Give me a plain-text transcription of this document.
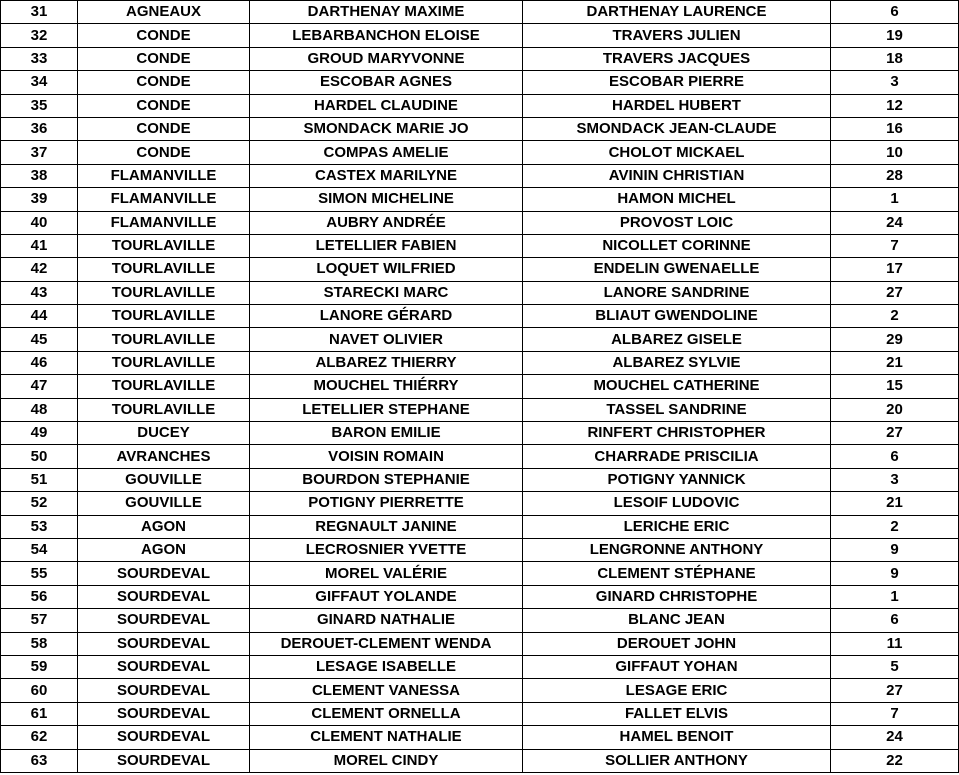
31	AGNEAUX	DARTHENAY MAXIME	DARTHENAY LAURENCE	6
32	CONDE	LEBARBANCHON ELOISE	TRAVERS JULIEN	19
33	CONDE	GROUD MARYVONNE	TRAVERS JACQUES	18
34	CONDE	ESCOBAR AGNES	ESCOBAR PIERRE	3
35	CONDE	HARDEL CLAUDINE	HARDEL HUBERT	12
36	CONDE	SMONDACK MARIE JO	SMONDACK JEAN-CLAUDE	16
37	CONDE	COMPAS AMELIE	CHOLOT MICKAEL	10
38	FLAMANVILLE	CASTEX MARILYNE	AVININ CHRISTIAN	28
39	FLAMANVILLE	SIMON MICHELINE	HAMON MICHEL	1
40	FLAMANVILLE	AUBRY ANDRÉE	PROVOST LOIC	24
41	TOURLAVILLE	LETELLIER FABIEN	NICOLLET CORINNE	7
42	TOURLAVILLE	LOQUET WILFRIED	ENDELIN GWENAELLE	17
43	TOURLAVILLE	STARECKI MARC	LANORE SANDRINE	27
44	TOURLAVILLE	LANORE GÉRARD	BLIAUT GWENDOLINE	2
45	TOURLAVILLE	NAVET OLIVIER	ALBAREZ GISELE	29
46	TOURLAVILLE	ALBAREZ THIERRY	ALBAREZ SYLVIE	21
47	TOURLAVILLE	MOUCHEL THIÉRRY	MOUCHEL CATHERINE	15
48	TOURLAVILLE	LETELLIER STEPHANE	TASSEL SANDRINE	20
49	DUCEY	BARON EMILIE	RINFERT CHRISTOPHER	27
50	AVRANCHES	VOISIN ROMAIN	CHARRADE PRISCILIA	6
51	GOUVILLE	BOURDON STEPHANIE	POTIGNY YANNICK	3
52	GOUVILLE	POTIGNY PIERRETTE	LESOIF LUDOVIC	21
53	AGON	REGNAULT JANINE	LERICHE ERIC	2
54	AGON	LECROSNIER YVETTE	LENGRONNE ANTHONY	9
55	SOURDEVAL	MOREL VALÉRIE	CLEMENT STÉPHANE	9
56	SOURDEVAL	GIFFAUT YOLANDE	GINARD CHRISTOPHE	1
57	SOURDEVAL	GINARD NATHALIE	BLANC JEAN	6
58	SOURDEVAL	DEROUET-CLEMENT WENDA	DEROUET JOHN	11
59	SOURDEVAL	LESAGE ISABELLE	GIFFAUT YOHAN	5
60	SOURDEVAL	CLEMENT VANESSA	LESAGE ERIC	27
61	SOURDEVAL	CLEMENT ORNELLA	FALLET ELVIS	7
62	SOURDEVAL	CLEMENT NATHALIE	HAMEL BENOIT	24
63	SOURDEVAL	MOREL CINDY	SOLLIER ANTHONY	22
